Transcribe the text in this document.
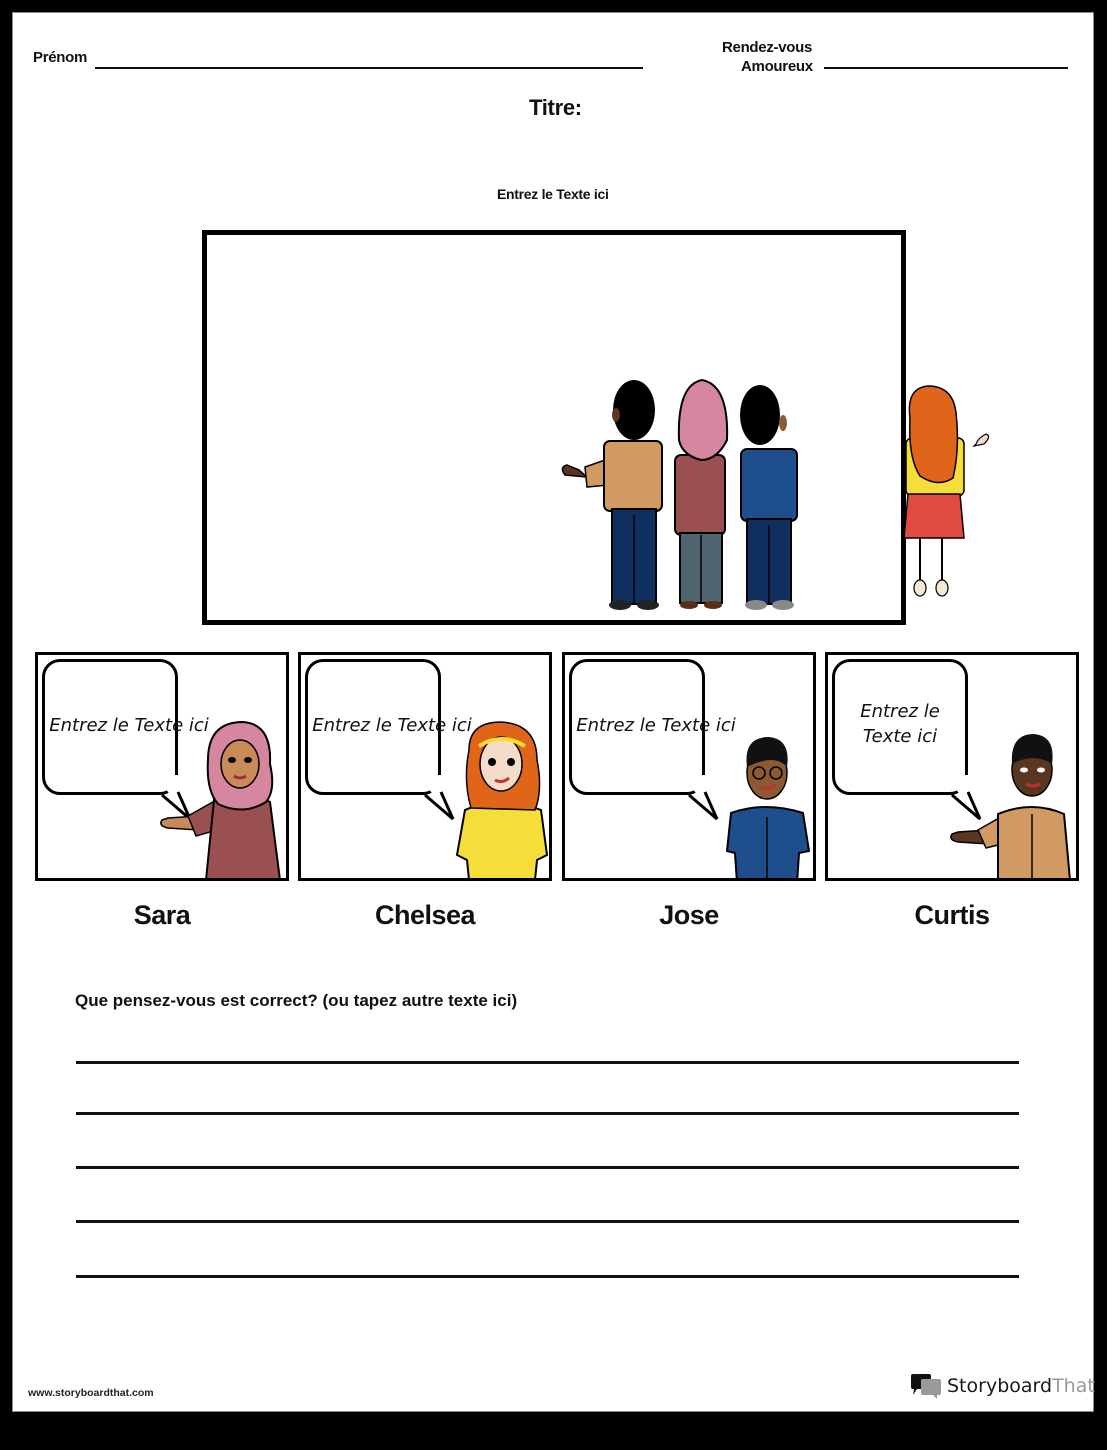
Prénom
Rendez-vous
Amoureux
Titre:
Entrez le Texte ici
Entrez le Texte ici	Entrez le Texte ici	Entrez le Texte ici
Entrez le Texte ici
Sara	Chelsea	Jose	Curtis
Que pensez-vous est correct? (ou tapez autre texte ici)
www.storyboardthat.com	StoryboardThat
